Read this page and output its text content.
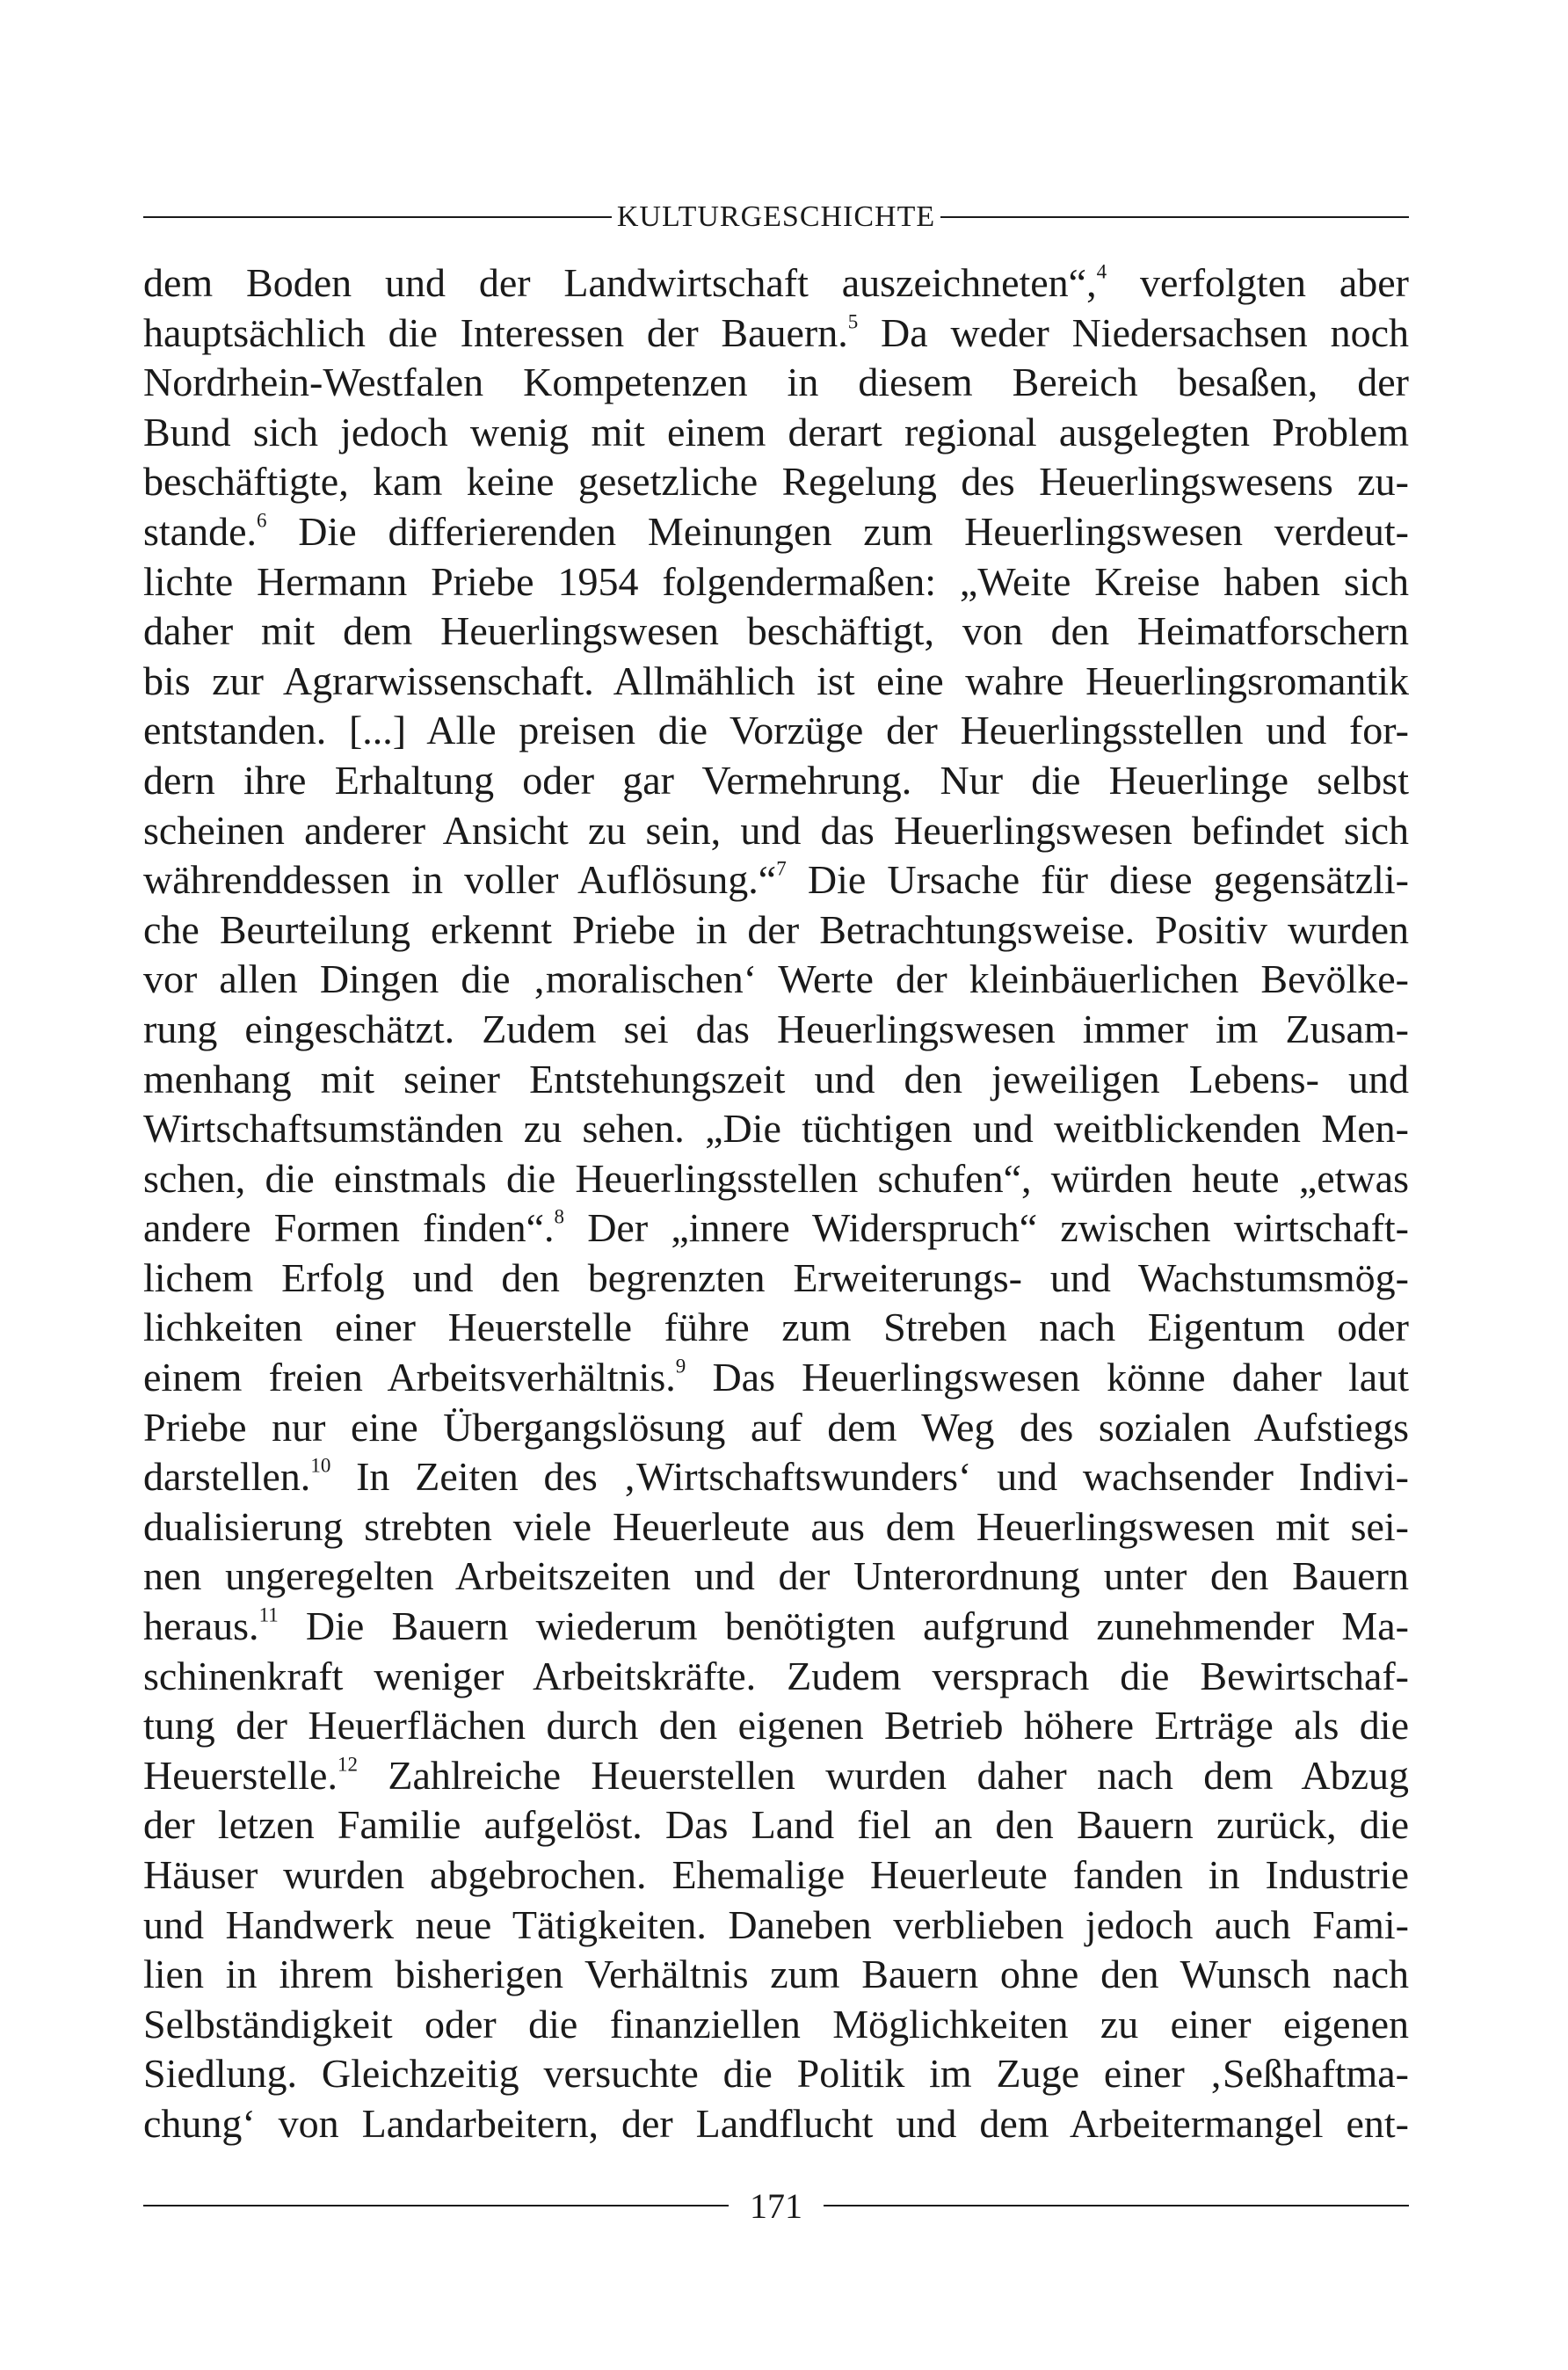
KULTURGESCHICHTE
dem Boden und der Landwirtschaft auszeichneten“,$^4$ verfolgten aber
hauptsächlich die Interessen der Bauern.$^5$ Da weder Niedersachsen noch
Nordrhein-Westfalen Kompetenzen in diesem Bereich besaßen, der
Bund sich jedoch wenig mit einem derart regional ausgelegten Problem
beschäftigte, kam keine gesetzliche Regelung des Heuerlingswesens zu-
stande.$^6$ Die differierenden Meinungen zum Heuerlingswesen verdeut-
lichte Hermann Priebe 1954 folgendermaßen: „Weite Kreise haben sich
daher mit dem Heuerlingswesen beschäftigt, von den Heimatforschern
bis zur Agrarwissenschaft. Allmählich ist eine wahre Heuerlingsromantik
entstanden. [...] Alle preisen die Vorzüge der Heuerlingsstellen und for-
dern ihre Erhaltung oder gar Vermehrung. Nur die Heuerlinge selbst
scheinen anderer Ansicht zu sein, und das Heuerlingswesen befindet sich
währenddessen in voller Auflösung.“$^7$ Die Ursache für diese gegensätzli-
che Beurteilung erkennt Priebe in der Betrachtungsweise. Positiv wurden
vor allen Dingen die ‚moralischen‘ Werte der kleinbäuerlichen Bevölke-
rung eingeschätzt. Zudem sei das Heuerlingswesen immer im Zusam-
menhang mit seiner Entstehungszeit und den jeweiligen Lebens- und
Wirtschaftsumständen zu sehen. „Die tüchtigen und weitblickenden Men-
schen, die einstmals die Heuerlingsstellen schufen“, würden heute „etwas
andere Formen finden“.$^8$ Der „innere Widerspruch“ zwischen wirtschaft-
lichem Erfolg und den begrenzten Erweiterungs- und Wachstumsmög-
lichkeiten einer Heuerstelle führe zum Streben nach Eigentum oder
einem freien Arbeitsverhältnis.$^9$ Das Heuerlingswesen könne daher laut
Priebe nur eine Übergangslösung auf dem Weg des sozialen Aufstiegs
darstellen.$^{10}$ In Zeiten des ‚Wirtschaftswunders‘ und wachsender Indivi-
dualisierung strebten viele Heuerleute aus dem Heuerlingswesen mit sei-
nen ungeregelten Arbeitszeiten und der Unterordnung unter den Bauern
heraus.$^{11}$ Die Bauern wiederum benötigten aufgrund zunehmender Ma-
schinenkraft weniger Arbeitskräfte. Zudem versprach die Bewirtschaf-
tung der Heuerflächen durch den eigenen Betrieb höhere Erträge als die
Heuerstelle.$^{12}$ Zahlreiche Heuerstellen wurden daher nach dem Abzug
der letzen Familie aufgelöst. Das Land fiel an den Bauern zurück, die
Häuser wurden abgebrochen. Ehemalige Heuerleute fanden in Industrie
und Handwerk neue Tätigkeiten. Daneben verblieben jedoch auch Fami-
lien in ihrem bisherigen Verhältnis zum Bauern ohne den Wunsch nach
Selbständigkeit oder die finanziellen Möglichkeiten zu einer eigenen
Siedlung. Gleichzeitig versuchte die Politik im Zuge einer ‚Seßhaftma-
chung‘ von Landarbeitern, der Landflucht und dem Arbeitermangel ent-
171
